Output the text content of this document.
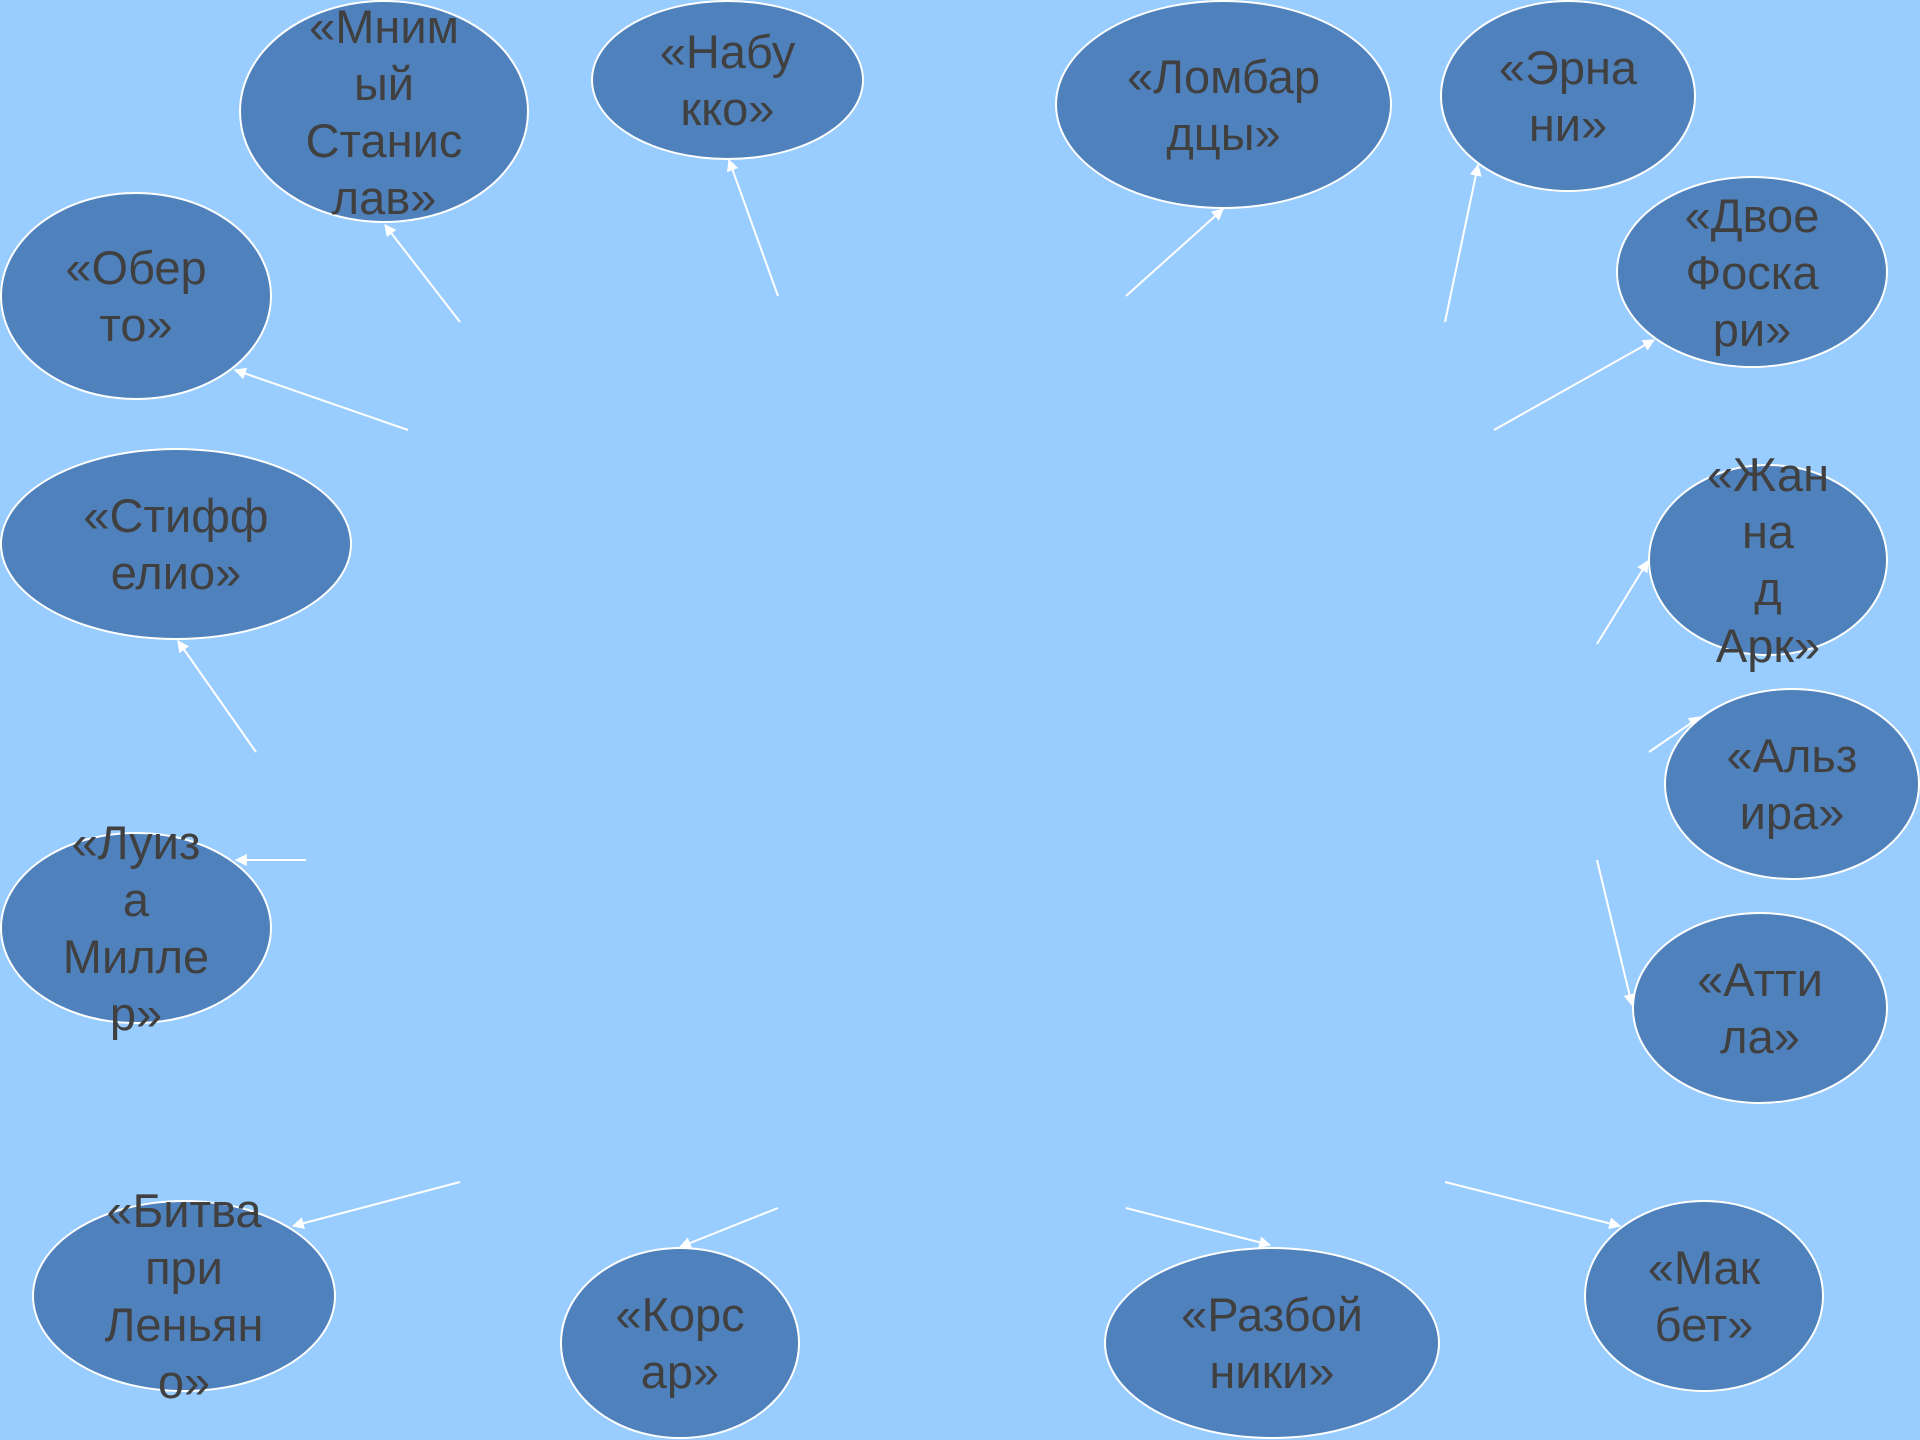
«Обер
то»
«Мним
ый
Станис
лав»
«Набу
кко»
«Ломбар
дцы»
«Эрна
ни»
«Двое
Фоска
ри»
«Жан
на
д
Арк»
«Альз
ира»
«Атти
ла»
«Мак
бет»
«Разбой
ники»
«Корс
ар»
«Битва
при
Леньян
о»
«Луиз
а
Милле
р»
«Стифф
елио»
